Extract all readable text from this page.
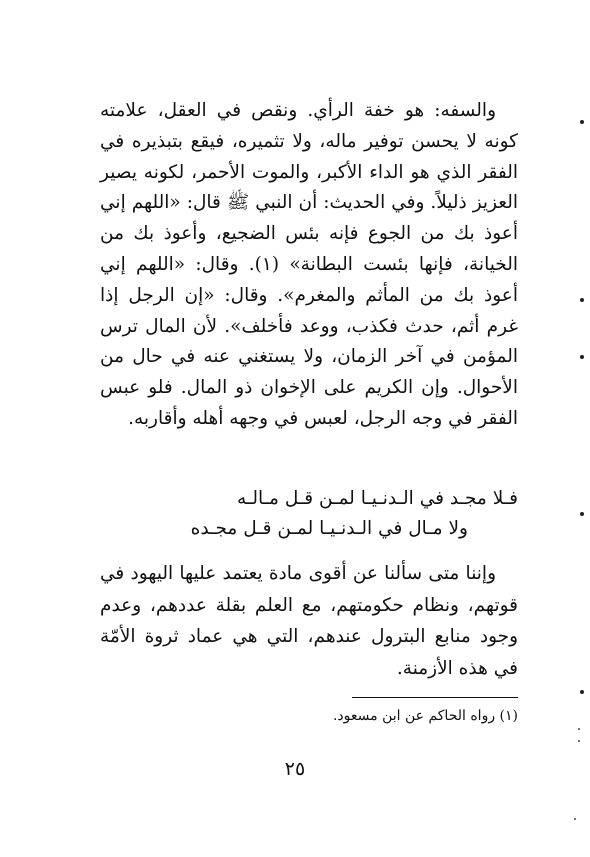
والسفه: هو خفة الرأي. ونقص في العقل، علامته كونه لا يحسن توفير ماله، ولا تثميره، فيقع بتبذيره في الفقر الذي هو الداء الأكبر، والموت الأحمر، لكونه يصير العزيز ذليلاً. وفي الحديث: أن النبي ﷺ قال: «اللهم إني أعوذ بك من الجوع فإنه بئس الضجيع، وأعوذ بك من الخيانة، فإنها بئست البطانة» (١). وقال: «اللهم إني أعوذ بك من المأثم والمغرم». وقال: «إن الرجل إذا غرم أثم، حدث فكذب، ووعد فأخلف». لأن المال ترس المؤمن في آخر الزمان، ولا يستغني عنه في حال من الأحوال. وإن الكريم على الإخوان ذو المال. فلو عبس الفقر في وجه الرجل، لعبس في وجهه أهله وأقاربه.

فـلا مجـد في الـدنـيـا لمـن قـل مـالـه
ولا مـال في الـدنـيـا لمـن قـل مجـده

وإننا متى سألنا عن أقوى مادة يعتمد عليها اليهود في قوتهم، ونظام حكومتهم، مع العلم بقلة عددهم، وعدم وجود منابع البترول عندهم، التي هي عماد ثروة الأمّة في هذه الأزمنة.

(١) رواه الحاكم عن ابن مسعود.
٢٥
